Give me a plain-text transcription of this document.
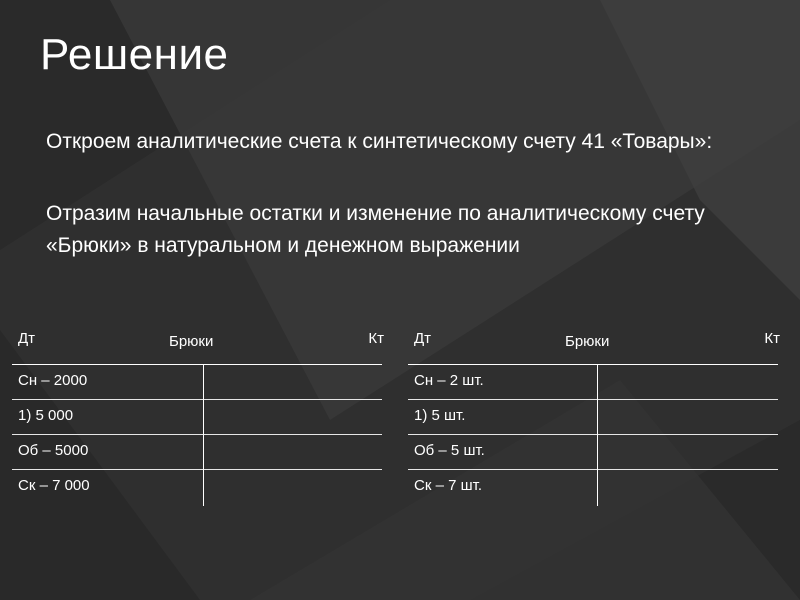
Решение

Откроем аналитические счета к синтетическому счету 41 «Товары»:

Отразим начальные остатки и изменение по аналитическому счету «Брюки» в натуральном и денежном выражении

Дт	Брюки	Кт
Сн – 2000
1) 5 000
Об – 5000
Ск – 7 000
Дт	Брюки	Кт
Сн – 2 шт.
1) 5 шт.
Об – 5 шт.
Ск – 7 шт.
